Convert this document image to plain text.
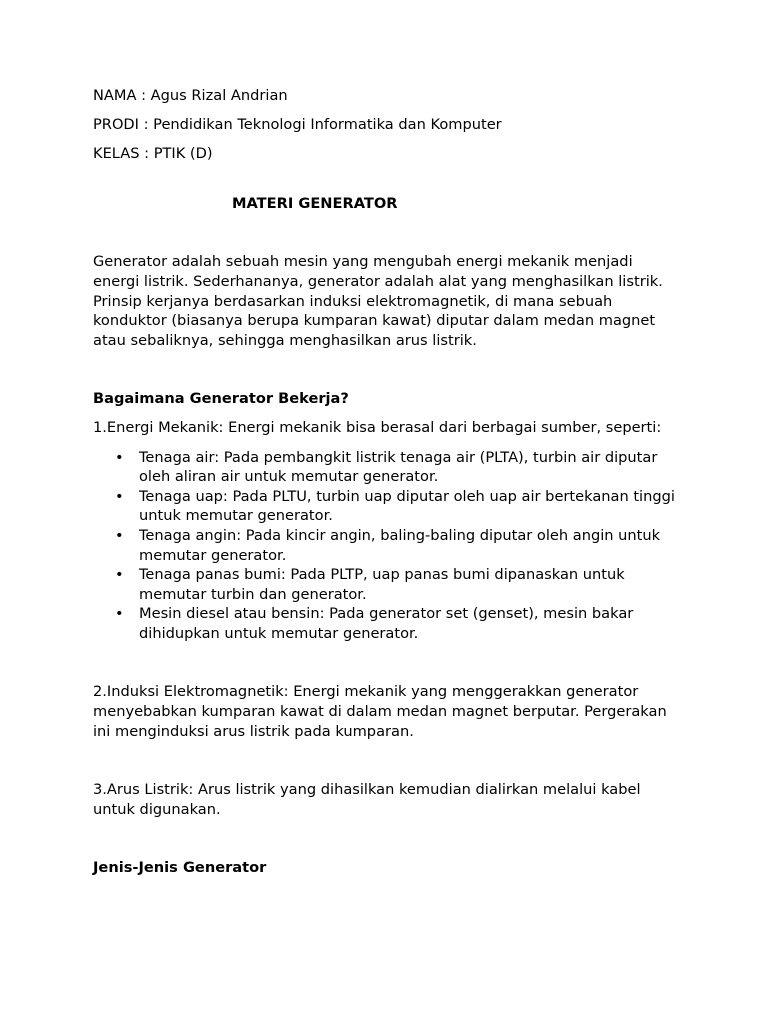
NAMA : Agus Rizal Andrian
PRODI : Pendidikan Teknologi Informatika dan Komputer
KELAS : PTIK (D)
MATERI GENERATOR

Generator adalah sebuah mesin yang mengubah energi mekanik menjadi energi listrik. Sederhananya, generator adalah alat yang menghasilkan listrik. Prinsip kerjanya berdasarkan induksi elektromagnetik, di mana sebuah konduktor (biasanya berupa kumparan kawat) diputar dalam medan magnet atau sebaliknya, sehingga menghasilkan arus listrik.

Bagaimana Generator Bekerja?

1.Energi Mekanik: Energi mekanik bisa berasal dari berbagai sumber, seperti:

• Tenaga air: Pada pembangkit listrik tenaga air (PLTA), turbin air diputar oleh aliran air untuk memutar generator.
• Tenaga uap: Pada PLTU, turbin uap diputar oleh uap air bertekanan tinggi untuk memutar generator.
• Tenaga angin: Pada kincir angin, baling-baling diputar oleh angin untuk memutar generator.
• Tenaga panas bumi: Pada PLTP, uap panas bumi dipanaskan untuk memutar turbin dan generator.
• Mesin diesel atau bensin: Pada generator set (genset), mesin bakar dihidupkan untuk memutar generator.

2.Induksi Elektromagnetik: Energi mekanik yang menggerakkan generator menyebabkan kumparan kawat di dalam medan magnet berputar. Pergerakan ini menginduksi arus listrik pada kumparan.

3.Arus Listrik: Arus listrik yang dihasilkan kemudian dialirkan melalui kabel untuk digunakan.

Jenis-Jenis Generator
